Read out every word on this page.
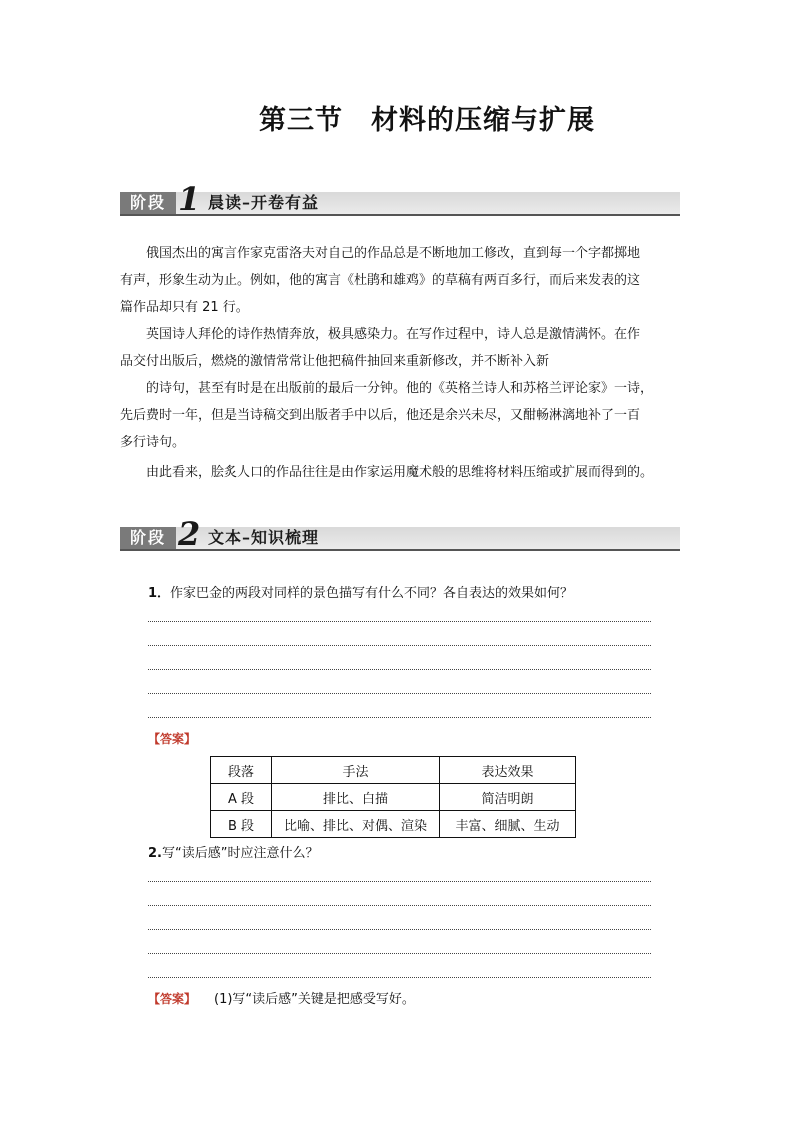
第三节　材料的压缩与扩展
阶段 1 晨读–开卷有益

俄国杰出的寓言作家克雷洛夫对自己的作品总是不断地加工修改，直到每一个字都掷地

有声，形象生动为止。例如，他的寓言《杜鹃和雄鸡》的草稿有两百多行，而后来发表的这

篇作品却只有 21 行。

英国诗人拜伦的诗作热情奔放，极具感染力。在写作过程中，诗人总是激情满怀。在作

品交付出版后，燃烧的激情常常让他把稿件抽回来重新修改，并不断补入新

的诗句，甚至有时是在出版前的最后一分钟。他的《英格兰诗人和苏格兰评论家》一诗，

先后费时一年，但是当诗稿交到出版者手中以后，他还是余兴未尽，又酣畅淋漓地补了一百

多行诗句。

由此看来，脍炙人口的作品往往是由作家运用魔术般的思维将材料压缩或扩展而得到的。

阶段 2 文本–知识梳理
1．作家巴金的两段对同样的景色描写有什么不同？各自表达的效果如何？
【答案】
段落	手法	表达效果
A 段	排比、白描	简洁明朗
B 段	比喻、排比、对偶、渲染	丰富、细腻、生动
2.写“读后感”时应注意什么？
【答案】 (1)写“读后感”关键是把感受写好。
